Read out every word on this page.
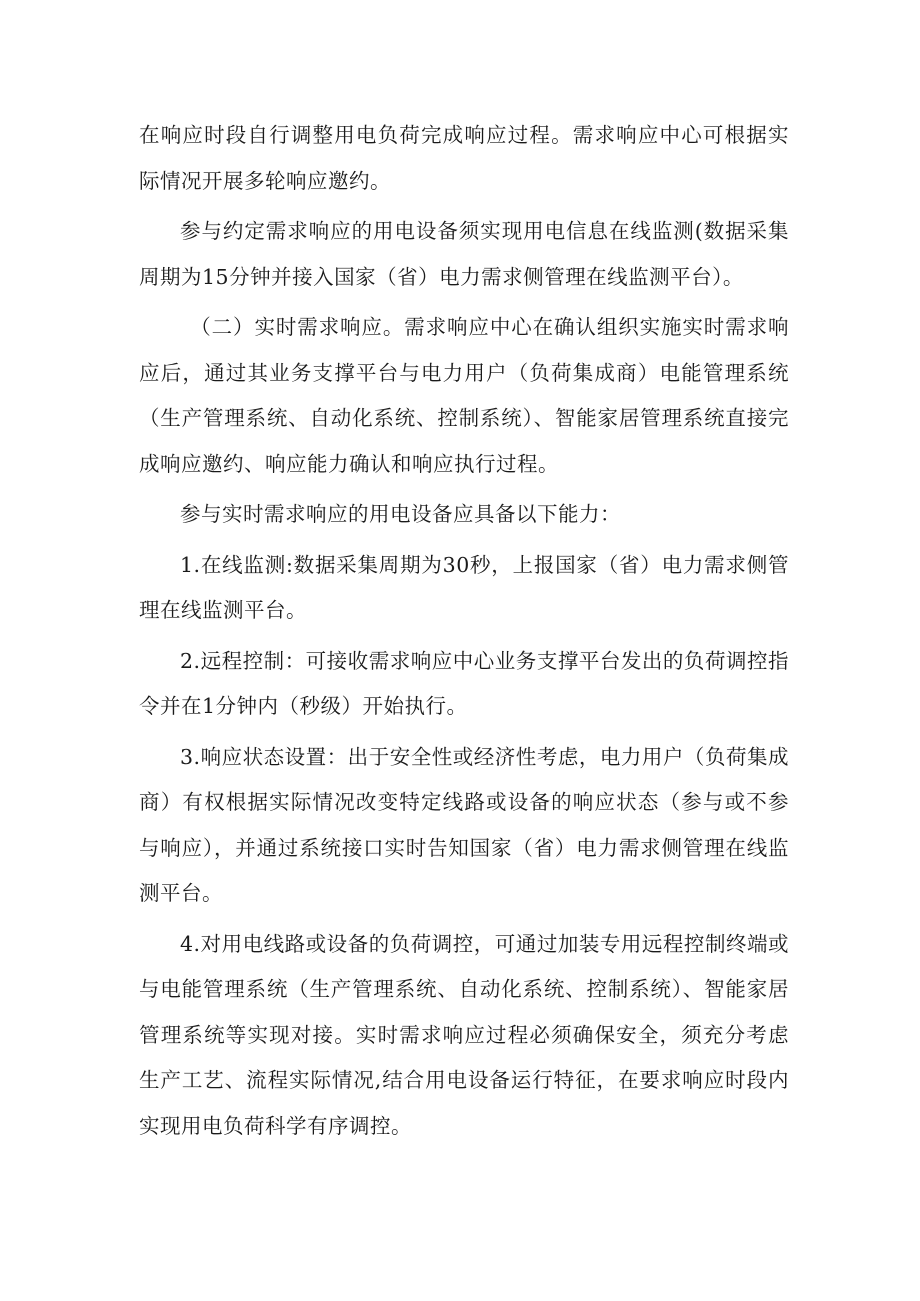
在响应时段自行调整用电负荷完成响应过程。需求响应中心可根据实际情况开展多轮响应邀约。

参与约定需求响应的用电设备须实现用电信息在线监测(数据采集周期为15分钟并接入国家（省）电力需求侧管理在线监测平台）。

（二）实时需求响应。需求响应中心在确认组织实施实时需求响应后，通过其业务支撑平台与电力用户（负荷集成商）电能管理系统（生产管理系统、自动化系统、控制系统）、智能家居管理系统直接完成响应邀约、响应能力确认和响应执行过程。

参与实时需求响应的用电设备应具备以下能力：

1.在线监测:数据采集周期为30秒，上报国家（省）电力需求侧管理在线监测平台。

2.远程控制：可接收需求响应中心业务支撑平台发出的负荷调控指令并在1分钟内（秒级）开始执行。

3.响应状态设置：出于安全性或经济性考虑，电力用户（负荷集成商）有权根据实际情况改变特定线路或设备的响应状态（参与或不参与响应），并通过系统接口实时告知国家（省）电力需求侧管理在线监测平台。

4.对用电线路或设备的负荷调控，可通过加装专用远程控制终端或与电能管理系统（生产管理系统、自动化系统、控制系统）、智能家居管理系统等实现对接。实时需求响应过程必须确保安全，须充分考虑生产工艺、流程实际情况,结合用电设备运行特征，在要求响应时段内实现用电负荷科学有序调控。
